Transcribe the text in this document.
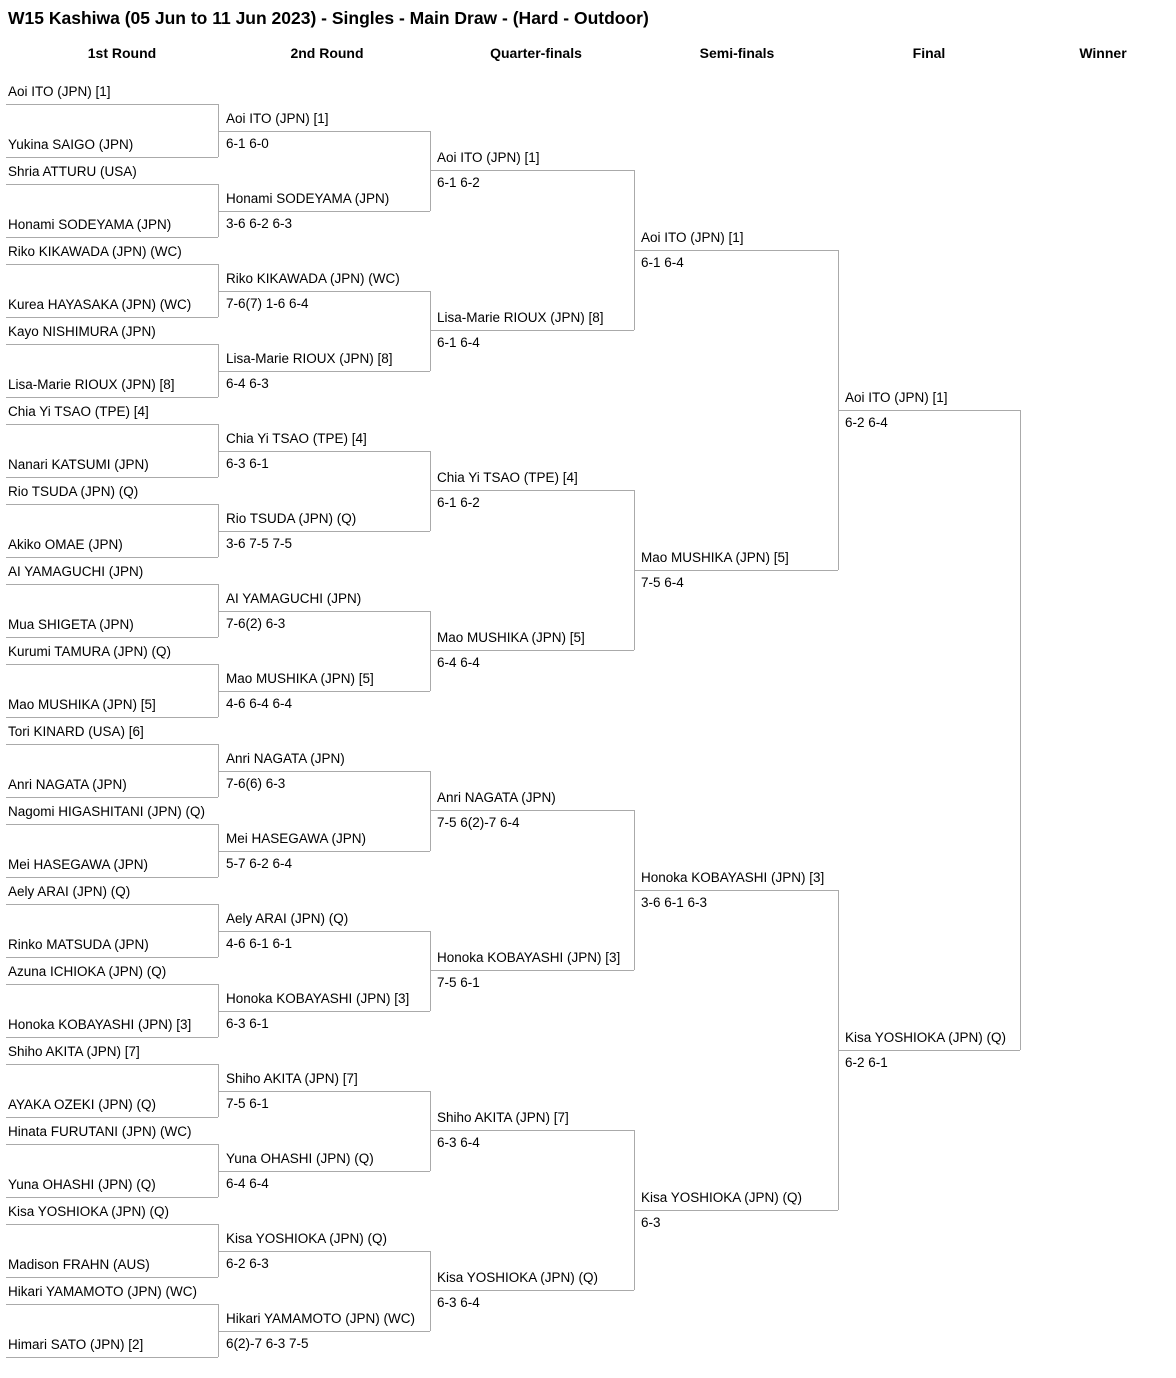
W15 Kashiwa (05 Jun to 11 Jun 2023) - Singles - Main Draw - (Hard - Outdoor)
1st Round	2nd Round	Quarter-finals	Semi-finals	Final	Winner
Aoi ITO (JPN) [1]
Yukina SAIGO (JPN)
Shria ATTURU (USA)
Honami SODEYAMA (JPN)
Riko KIKAWADA (JPN) (WC)
Kurea HAYASAKA (JPN) (WC)
Kayo NISHIMURA (JPN)
Lisa-Marie RIOUX (JPN) [8]
Chia Yi TSAO (TPE) [4]
Nanari KATSUMI (JPN)
Rio TSUDA (JPN) (Q)
Akiko OMAE (JPN)
AI YAMAGUCHI (JPN)
Mua SHIGETA (JPN)
Kurumi TAMURA (JPN) (Q)
Mao MUSHIKA (JPN) [5]
Tori KINARD (USA) [6]
Anri NAGATA (JPN)
Nagomi HIGASHITANI (JPN) (Q)
Mei HASEGAWA (JPN)
Aely ARAI (JPN) (Q)
Rinko MATSUDA (JPN)
Azuna ICHIOKA (JPN) (Q)
Honoka KOBAYASHI (JPN) [3]
Shiho AKITA (JPN) [7]
AYAKA OZEKI (JPN) (Q)
Hinata FURUTANI (JPN) (WC)
Yuna OHASHI (JPN) (Q)
Kisa YOSHIOKA (JPN) (Q)
Madison FRAHN (AUS)
Hikari YAMAMOTO (JPN) (WC)
Himari SATO (JPN) [2]
Aoi ITO (JPN) [1]
6-1 6-0
Honami SODEYAMA (JPN)
3-6 6-2 6-3
Riko KIKAWADA (JPN) (WC)
7-6(7) 1-6 6-4
Lisa-Marie RIOUX (JPN) [8]
6-4 6-3
Chia Yi TSAO (TPE) [4]
6-3 6-1
Rio TSUDA (JPN) (Q)
3-6 7-5 7-5
AI YAMAGUCHI (JPN)
7-6(2) 6-3
Mao MUSHIKA (JPN) [5]
4-6 6-4 6-4
Anri NAGATA (JPN)
7-6(6) 6-3
Mei HASEGAWA (JPN)
5-7 6-2 6-4
Aely ARAI (JPN) (Q)
4-6 6-1 6-1
Honoka KOBAYASHI (JPN) [3]
6-3 6-1
Shiho AKITA (JPN) [7]
7-5 6-1
Yuna OHASHI (JPN) (Q)
6-4 6-4
Kisa YOSHIOKA (JPN) (Q)
6-2 6-3
Hikari YAMAMOTO (JPN) (WC)
6(2)-7 6-3 7-5
Aoi ITO (JPN) [1]
6-1 6-2
Lisa-Marie RIOUX (JPN) [8]
6-1 6-4
Chia Yi TSAO (TPE) [4]
6-1 6-2
Mao MUSHIKA (JPN) [5]
6-4 6-4
Anri NAGATA (JPN)
7-5 6(2)-7 6-4
Honoka KOBAYASHI (JPN) [3]
7-5 6-1
Shiho AKITA (JPN) [7]
6-3 6-4
Kisa YOSHIOKA (JPN) (Q)
6-3 6-4
Aoi ITO (JPN) [1]
6-1 6-4
Mao MUSHIKA (JPN) [5]
7-5 6-4
Honoka KOBAYASHI (JPN) [3]
3-6 6-1 6-3
Kisa YOSHIOKA (JPN) (Q)
6-3
Aoi ITO (JPN) [1]
6-2 6-4
Kisa YOSHIOKA (JPN) (Q)
6-2 6-1
